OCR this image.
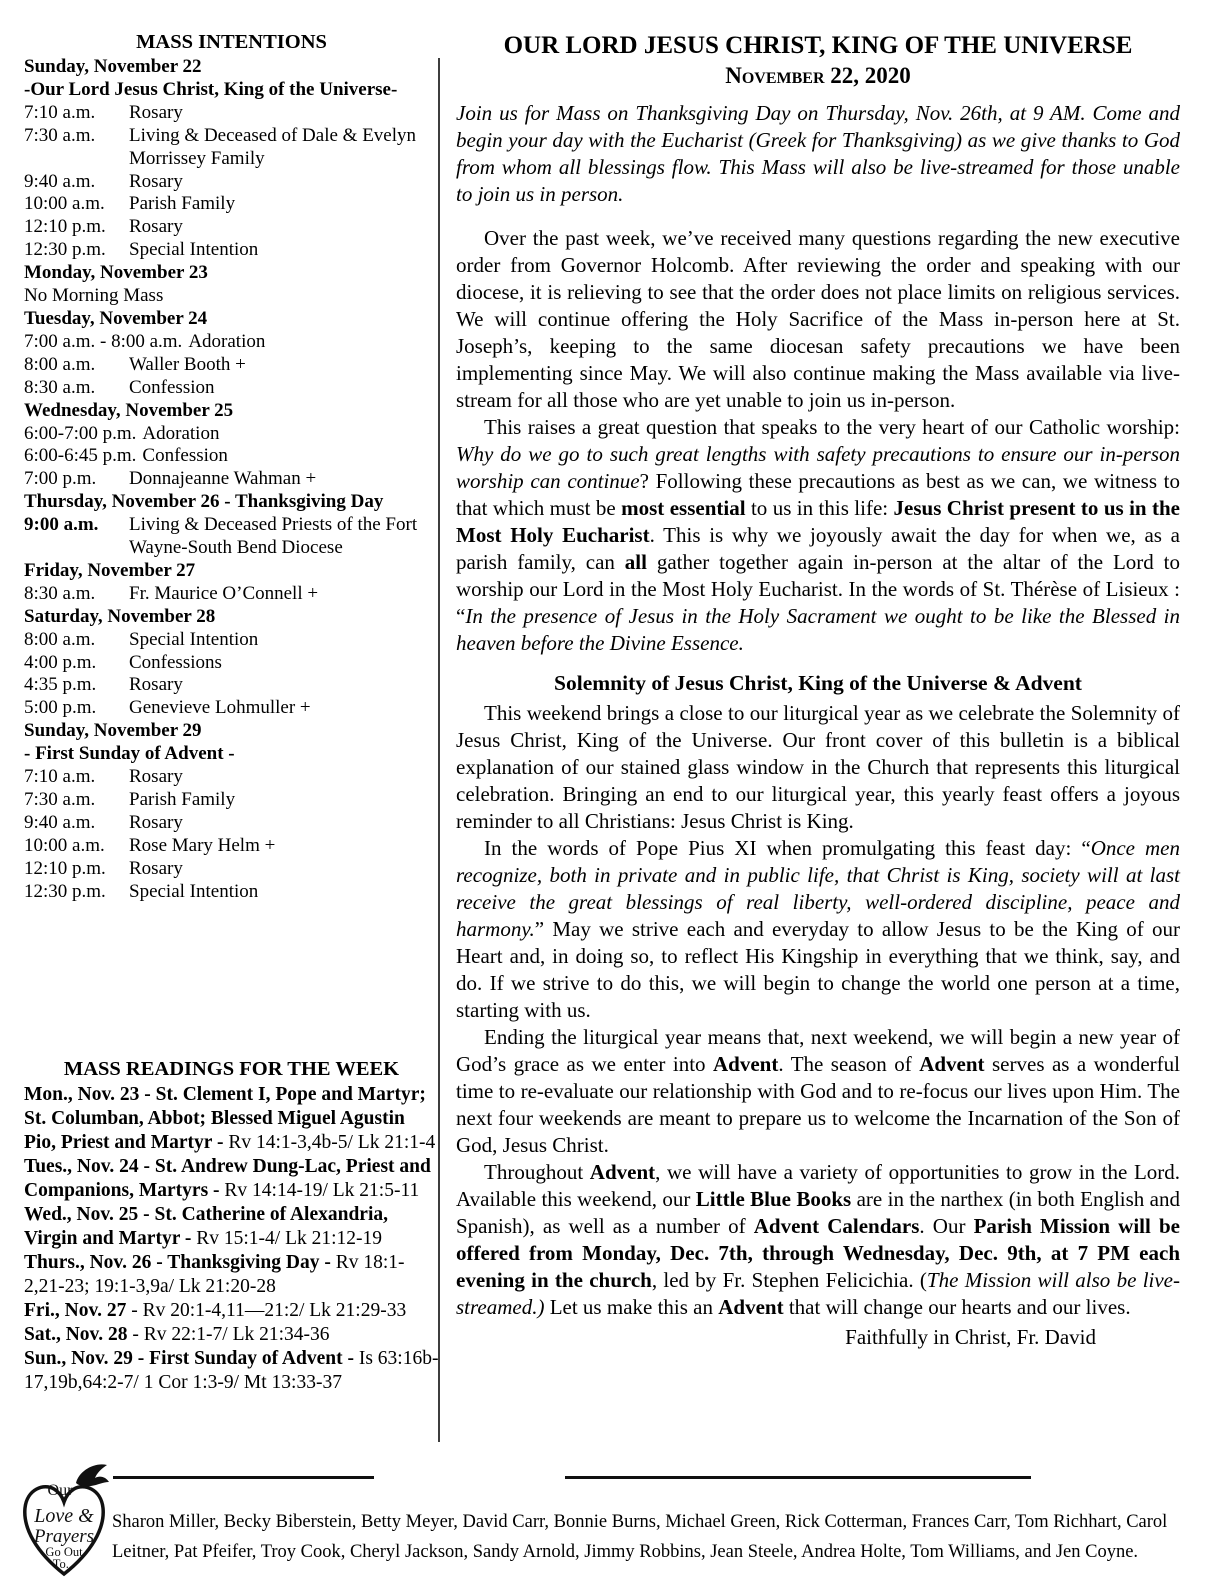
MASS INTENTIONS
Sunday, November 22
-Our Lord Jesus Christ, King of the Universe-
7:10 a.m.	Rosary
7:30 a.m.	Living & Deceased of Dale & Evelyn Morrissey Family
9:40 a.m.	Rosary
10:00 a.m.	Parish Family
12:10 p.m.	Rosary
12:30 p.m.	Special Intention
Monday, November 23
No Morning Mass
Tuesday, November 24
7:00 a.m. - 8:00 a.m. Adoration
8:00 a.m.	Waller Booth +
8:30 a.m.	Confession
Wednesday, November 25
6:00-7:00 p.m. Adoration
6:00-6:45 p.m. Confession
7:00 p.m.	Donnajeanne Wahman +
Thursday, November 26 - Thanksgiving Day
9:00 a.m.	Living & Deceased Priests of the Fort Wayne-South Bend Diocese
Friday, November 27
8:30 a.m.	Fr. Maurice O’Connell +
Saturday, November 28
8:00 a.m.	Special Intention
4:00 p.m.	Confessions
4:35 p.m.	Rosary
5:00 p.m.	Genevieve Lohmuller +
Sunday, November 29
- First Sunday of Advent -
7:10 a.m.	Rosary
7:30 a.m.	Parish Family
9:40 a.m.	Rosary
10:00 a.m.	Rose Mary Helm +
12:10 p.m.	Rosary
12:30 p.m.	Special Intention
MASS READINGS FOR THE WEEK
Mon., Nov. 23 - St. Clement I, Pope and Martyr; St. Columban, Abbot; Blessed Miguel Agustin Pio, Priest and Martyr - Rv 14:1-3,4b-5/ Lk 21:1-4
Tues., Nov. 24 - St. Andrew Dung-Lac, Priest and Companions, Martyrs - Rv 14:14-19/ Lk 21:5-11
Wed., Nov. 25 - St. Catherine of Alexandria, Virgin and Martyr - Rv 15:1-4/ Lk 21:12-19
Thurs., Nov. 26 - Thanksgiving Day - Rv 18:1-2,21-23; 19:1-3,9a/ Lk 21:20-28
Fri., Nov. 27 - Rv 20:1-4,11—21:2/ Lk 21:29-33
Sat., Nov. 28 - Rv 22:1-7/ Lk 21:34-36
Sun., Nov. 29 - First Sunday of Advent - Is 63:16b-17,19b,64:2-7/ 1 Cor 1:3-9/ Mt 13:33-37
OUR LORD JESUS CHRIST, KING OF THE UNIVERSE
November 22, 2020

Join us for Mass on Thanksgiving Day on Thursday, Nov. 26th, at 9 AM. Come and begin your day with the Eucharist (Greek for Thanksgiving) as we give thanks to God from whom all blessings flow. This Mass will also be live-streamed for those unable to join us in person.

Over the past week, we’ve received many questions regarding the new executive order from Governor Holcomb. After reviewing the order and speaking with our diocese, it is relieving to see that the order does not place limits on religious services. We will continue offering the Holy Sacrifice of the Mass in-person here at St. Joseph’s, keeping to the same diocesan safety precautions we have been implementing since May. We will also continue making the Mass available via live-stream for all those who are yet unable to join us in-person.

This raises a great question that speaks to the very heart of our Catholic worship: Why do we go to such great lengths with safety precautions to ensure our in-person worship can continue? Following these precautions as best as we can, we witness to that which must be most essential to us in this life: Jesus Christ present to us in the Most Holy Eucharist. This is why we joyously await the day for when we, as a parish family, can all gather together again in-person at the altar of the Lord to worship our Lord in the Most Holy Eucharist. In the words of St. Thérèse of Lisieux : “In the presence of Jesus in the Holy Sacrament we ought to be like the Blessed in heaven before the Divine Essence.

Solemnity of Jesus Christ, King of the Universe & Advent

This weekend brings a close to our liturgical year as we celebrate the Solemnity of Jesus Christ, King of the Universe. Our front cover of this bulletin is a biblical explanation of our stained glass window in the Church that represents this liturgical celebration. Bringing an end to our liturgical year, this yearly feast offers a joyous reminder to all Christians: Jesus Christ is King.

In the words of Pope Pius XI when promulgating this feast day: “Once men recognize, both in private and in public life, that Christ is King, society will at last receive the great blessings of real liberty, well-ordered discipline, peace and harmony.” May we strive each and everyday to allow Jesus to be the King of our Heart and, in doing so, to reflect His Kingship in everything that we think, say, and do. If we strive to do this, we will begin to change the world one person at a time, starting with us.

Ending the liturgical year means that, next weekend, we will begin a new year of God’s grace as we enter into Advent. The season of Advent serves as a wonderful time to re-evaluate our relationship with God and to re-focus our lives upon Him. The next four weekends are meant to prepare us to welcome the Incarnation of the Son of God, Jesus Christ.

Throughout Advent, we will have a variety of opportunities to grow in the Lord. Available this weekend, our Little Blue Books are in the narthex (in both English and Spanish), as well as a number of Advent Calendars. Our Parish Mission will be offered from Monday, Dec. 7th, through Wednesday, Dec. 9th, at 7 PM each evening in the church, led by Fr. Stephen Felicichia. (The Mission will also be live-streamed.) Let us make this an Advent that will change our hearts and our lives.

Faithfully in Christ, Fr. David
Our
Love &
Prayers
Go Out
To...
Sharon Miller, Becky Biberstein, Betty Meyer, David Carr, Bonnie Burns, Michael Green, Rick Cotterman, Frances Carr, Tom Richhart, Carol
Leitner, Pat Pfeifer, Troy Cook, Cheryl Jackson, Sandy Arnold, Jimmy Robbins, Jean Steele, Andrea Holte, Tom Williams, and Jen Coyne.
